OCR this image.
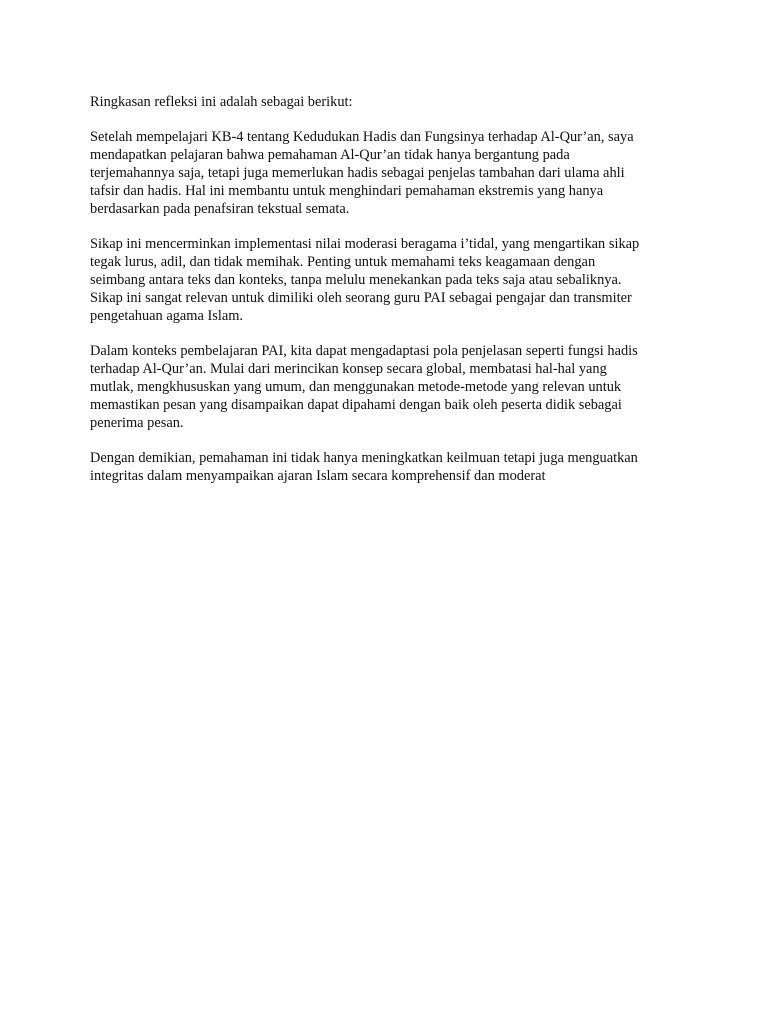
Ringkasan refleksi ini adalah sebagai berikut:

Setelah mempelajari KB-4 tentang Kedudukan Hadis dan Fungsinya terhadap Al-Qur’an, saya
mendapatkan pelajaran bahwa pemahaman Al-Qur’an tidak hanya bergantung pada
terjemahannya saja, tetapi juga memerlukan hadis sebagai penjelas tambahan dari ulama ahli
tafsir dan hadis. Hal ini membantu untuk menghindari pemahaman ekstremis yang hanya
berdasarkan pada penafsiran tekstual semata.

Sikap ini mencerminkan implementasi nilai moderasi beragama i’tidal, yang mengartikan sikap
tegak lurus, adil, dan tidak memihak. Penting untuk memahami teks keagamaan dengan
seimbang antara teks dan konteks, tanpa melulu menekankan pada teks saja atau sebaliknya.
Sikap ini sangat relevan untuk dimiliki oleh seorang guru PAI sebagai pengajar dan transmiter
pengetahuan agama Islam.

Dalam konteks pembelajaran PAI, kita dapat mengadaptasi pola penjelasan seperti fungsi hadis
terhadap Al-Qur’an. Mulai dari merincikan konsep secara global, membatasi hal-hal yang
mutlak, mengkhususkan yang umum, dan menggunakan metode-metode yang relevan untuk
memastikan pesan yang disampaikan dapat dipahami dengan baik oleh peserta didik sebagai
penerima pesan.

Dengan demikian, pemahaman ini tidak hanya meningkatkan keilmuan tetapi juga menguatkan
integritas dalam menyampaikan ajaran Islam secara komprehensif dan moderat
